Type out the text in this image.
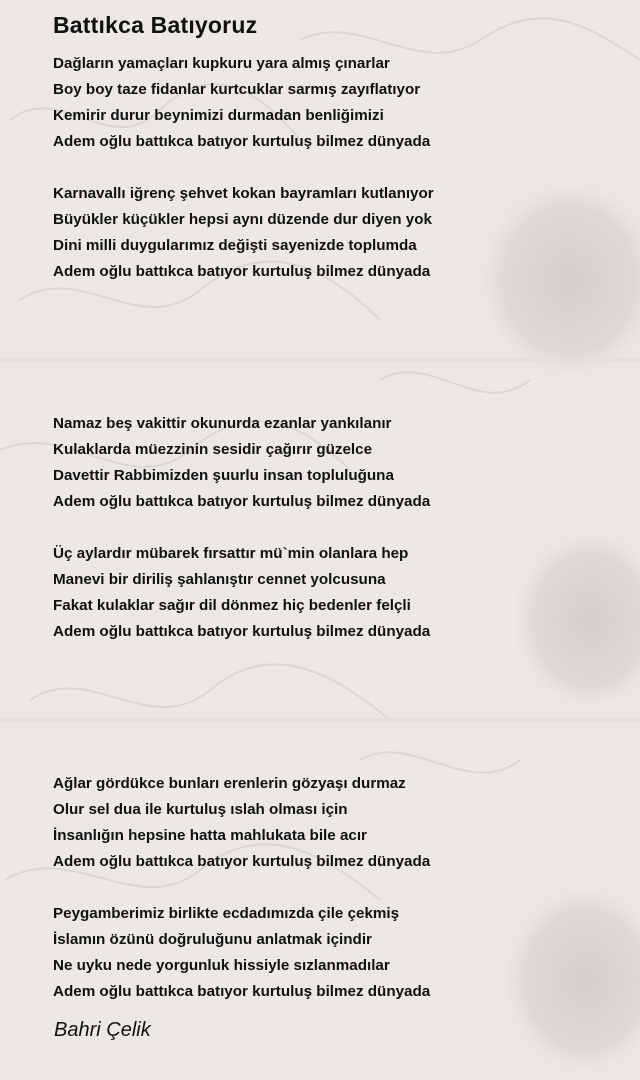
Battıkca Batıyoruz
Dağların yamaçları kupkuru yara almış çınarlar
Boy boy taze fidanlar kurtcuklar sarmış zayıflatıyor
Kemirir durur beynimizi durmadan benliğimizi
Adem oğlu battıkca batıyor kurtuluş bilmez dünyada
Karnavallı iğrenç şehvet kokan bayramları kutlanıyor
Büyükler küçükler hepsi aynı düzende dur diyen yok
Dini milli duygularımız değişti sayenizde toplumda
Adem oğlu battıkca batıyor kurtuluş bilmez dünyada
Namaz beş vakittir okunurda ezanlar yankılanır
Kulaklarda müezzinin sesidir çağırır güzelce
Davettir Rabbimizden şuurlu insan topluluğuna
Adem oğlu battıkca batıyor kurtuluş bilmez dünyada
Üç aylardır mübarek fırsattır mü`min olanlara hep
Manevi bir diriliş şahlanıştır cennet yolcusuna
Fakat kulaklar sağır dil dönmez hiç bedenler felçli
Adem oğlu battıkca batıyor kurtuluş bilmez dünyada
Ağlar gördükce bunları erenlerin gözyaşı durmaz
Olur sel dua ile kurtuluş ıslah olması için
İnsanlığın hepsine hatta mahlukata bile acır
Adem oğlu battıkca batıyor kurtuluş bilmez dünyada
Peygamberimiz birlikte ecdadımızda çile çekmiş
İslamın özünü doğruluğunu anlatmak içindir
Ne uyku nede yorgunluk hissiyle sızlanmadılar
Adem oğlu battıkca batıyor kurtuluş bilmez dünyada
Bahri Çelik
